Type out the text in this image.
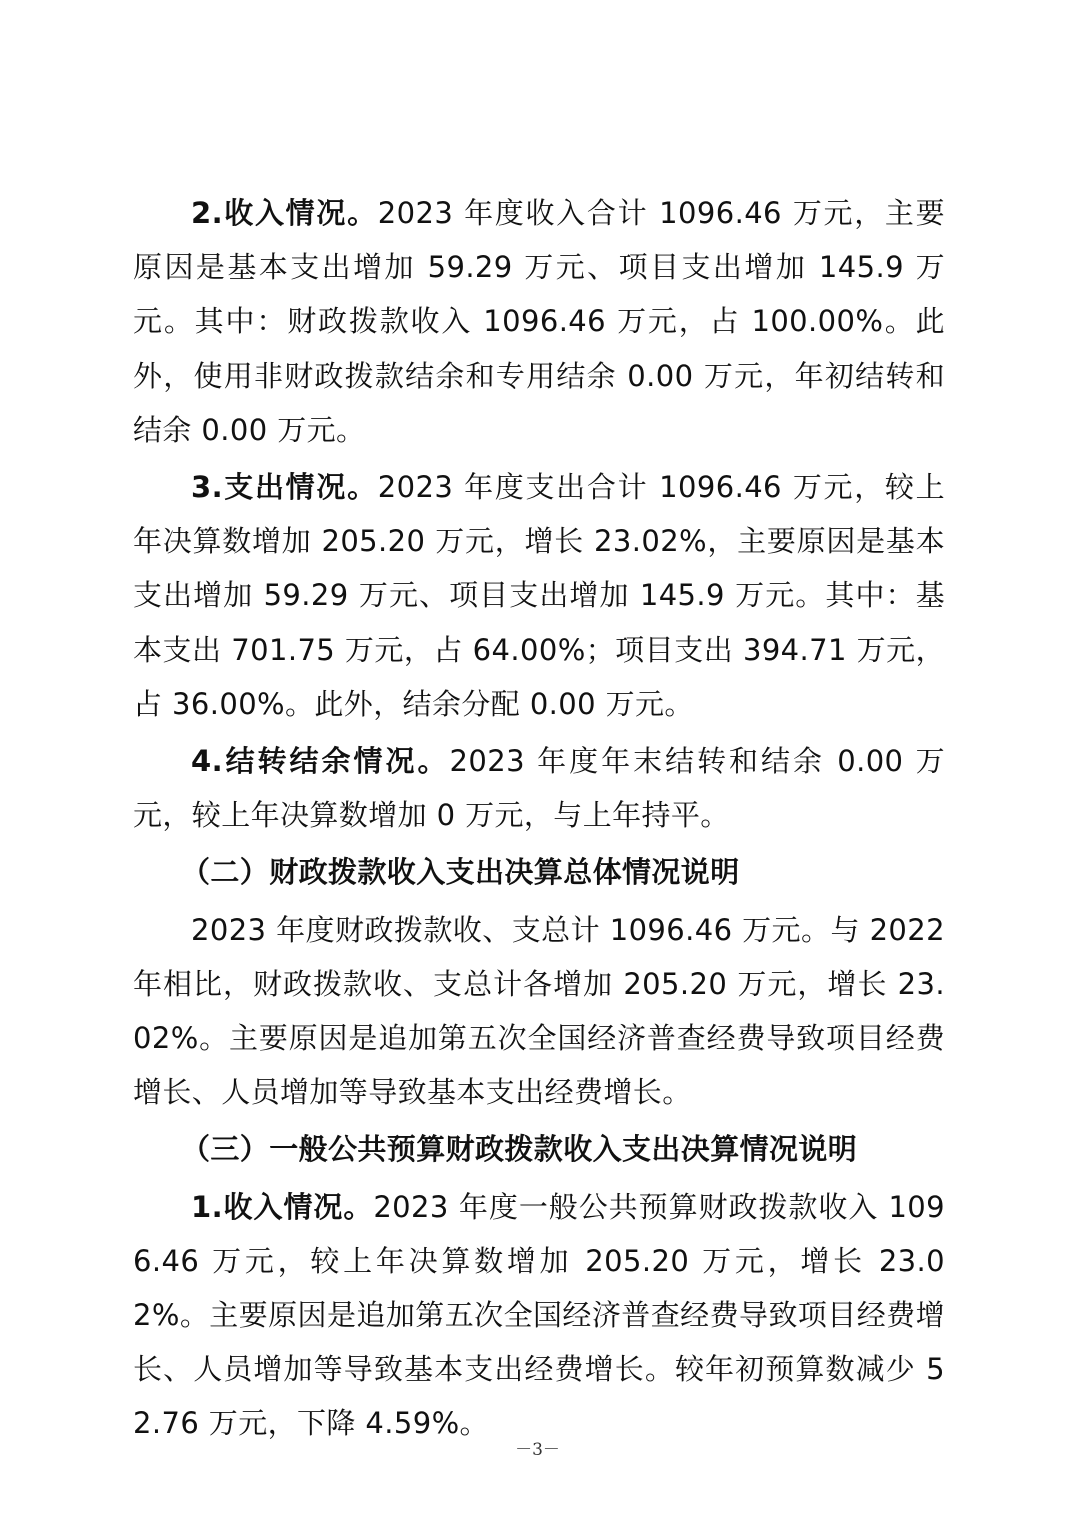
2.收入情况。2023 年度收入合计 1096.46 万元，主要原因是基本支出增加 59.29 万元、项目支出增加 145.9 万元。其中：财政拨款收入 1096.46 万元，占 100.00%。此外，使用非财政拨款结余和专用结余 0.00 万元，年初结转和结余 0.00 万元。

3.支出情况。2023 年度支出合计 1096.46 万元，较上年决算数增加 205.20 万元，增长 23.02%，主要原因是基本支出增加 59.29 万元、项目支出增加 145.9 万元。其中：基本支出 701.75 万元，占 64.00%；项目支出 394.71 万元，占 36.00%。此外，结余分配 0.00 万元。

4.结转结余情况。2023 年度年末结转和结余 0.00 万元，较上年决算数增加 0 万元，与上年持平。

（二）财政拨款收入支出决算总体情况说明

2023 年度财政拨款收、支总计 1096.46 万元。与 2022 年相比，财政拨款收、支总计各增加 205.20 万元，增长 23.02%。主要原因是追加第五次全国经济普查经费导致项目经费增长、人员增加等导致基本支出经费增长。

（三）一般公共预算财政拨款收入支出决算情况说明

1.收入情况。2023 年度一般公共预算财政拨款收入 1096.46 万元，较上年决算数增加 205.20 万元，增长 23.02%。主要原因是追加第五次全国经济普查经费导致项目经费增长、人员增加等导致基本支出经费增长。较年初预算数减少 52.76 万元，下降 4.59%。

－3－
